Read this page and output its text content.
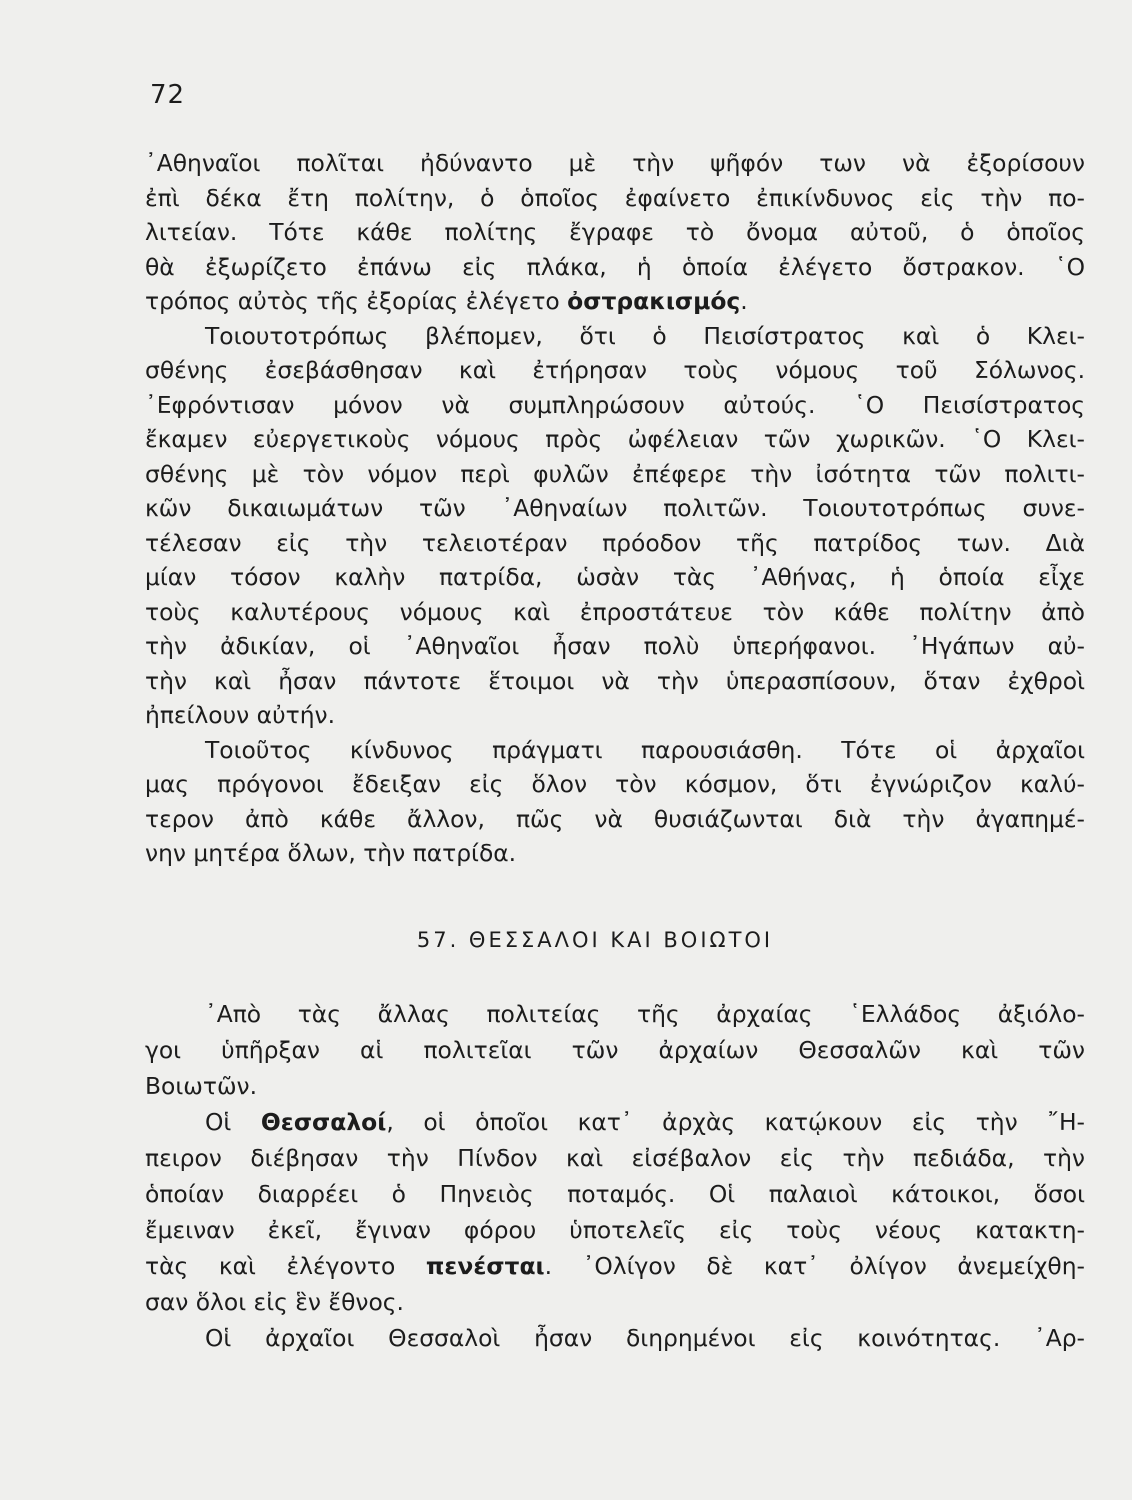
72
᾿Αθηναῖοι πολῖται ἠδύναντο μὲ τὴν ψῆφόν των νὰ ἐξορίσουν
ἐπὶ δέκα ἔτη πολίτην, ὁ ὁποῖος ἐφαίνετο ἐπικίνδυνος εἰς τὴν πο-
λιτείαν. Τότε κάθε πολίτης ἔγραφε τὸ ὄνομα αὐτοῦ, ὁ ὁποῖος
θὰ ἐξωρίζετο ἐπάνω εἰς πλάκα, ἡ ὁποία ἐλέγετο ὄστρακον. ῾Ο
τρόπος αὐτὸς τῆς ἐξορίας ἐλέγετο ὀστρακισμός.
Τοιουτοτρόπως βλέπομεν, ὅτι ὁ Πεισίστρατος καὶ ὁ Κλει-
σθένης ἐσεβάσθησαν καὶ ἐτήρησαν τοὺς νόμους τοῦ Σόλωνος.
᾿Εφρόντισαν μόνον νὰ συμπληρώσουν αὐτούς. ῾Ο Πεισίστρατος
ἔκαμεν εὐεργετικοὺς νόμους πρὸς ὠφέλειαν τῶν χωρικῶν. ῾Ο Κλει-
σθένης μὲ τὸν νόμον περὶ φυλῶν ἐπέφερε τὴν ἰσότητα τῶν πολιτι-
κῶν δικαιωμάτων τῶν ᾿Αθηναίων πολιτῶν. Τοιουτοτρόπως συνε-
τέλεσαν εἰς τὴν τελειοτέραν πρόοδον τῆς πατρίδος των. Διὰ
μίαν τόσον καλὴν πατρίδα, ὡσὰν τὰς ᾿Αθήνας, ἡ ὁποία εἶχε
τοὺς καλυτέρους νόμους καὶ ἐπροστάτευε τὸν κάθε πολίτην ἀπὸ
τὴν ἀδικίαν, οἱ ᾿Αθηναῖοι ἦσαν πολὺ ὑπερήφανοι. ᾿Ηγάπων αὐ-
τὴν καὶ ἦσαν πάντοτε ἕτοιμοι νὰ τὴν ὑπερασπίσουν, ὅταν ἐχθροὶ
ἠπείλουν αὐτήν.
Τοιοῦτος κίνδυνος πράγματι παρουσιάσθη. Τότε οἱ ἀρχαῖοι
μας πρόγονοι ἔδειξαν εἰς ὅλον τὸν κόσμον, ὅτι ἐγνώριζον καλύ-
τερον ἀπὸ κάθε ἄλλον, πῶς νὰ θυσιάζωνται διὰ τὴν ἀγαπημέ-
νην μητέρα ὅλων, τὴν πατρίδα.
57. ΘΕΣΣΑΛΟΙ ΚΑΙ ΒΟΙΩΤΟΙ
᾿Απὸ τὰς ἄλλας πολιτείας τῆς ἀρχαίας ῾Ελλάδος ἀξιόλο-
γοι ὑπῆρξαν αἱ πολιτεῖαι τῶν ἀρχαίων Θεσσαλῶν καὶ τῶν
Βοιωτῶν.
Οἱ Θεσσαλοί, οἱ ὁποῖοι κατ᾿ ἀρχὰς κατῴκουν εἰς τὴν ῎Η-
πειρον διέβησαν τὴν Πίνδον καὶ εἰσέβαλον εἰς τὴν πεδιάδα, τὴν
ὁποίαν διαρρέει ὁ Πηνειὸς ποταμός. Οἱ παλαιοὶ κάτοικοι, ὅσοι
ἔμειναν ἐκεῖ, ἔγιναν φόρου ὑποτελεῖς εἰς τοὺς νέους κατακτη-
τὰς καὶ ἐλέγοντο πενέσται. ᾿Ολίγον δὲ κατ᾿ ὀλίγον ἀνεμείχθη-
σαν ὅλοι εἰς ἓν ἔθνος.
Οἱ ἀρχαῖοι Θεσσαλοὶ ἦσαν διηρημένοι εἰς κοινότητας. ᾿Αρ-
